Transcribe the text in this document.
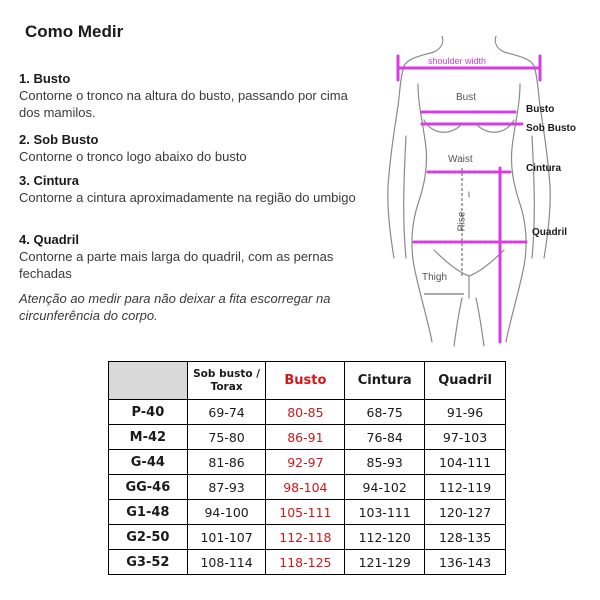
Como Medir
1. Busto
Contorne o tronco na altura do busto, passando por cima dos mamilos.
2. Sob Busto
Contorne o tronco logo abaixo do busto
3. Cintura
Contorne a cintura aproximadamente na região do umbigo
4. Quadril
Contorne a parte mais larga do quadril, com as pernas fechadas
Atenção ao medir para não deixar a fita escorregar na circunferência do corpo.
shoulder width
Bust
Waist
Rise
Thigh
Busto
Sob Busto
Cintura
Quadril
	Sob busto / Torax	Busto	Cintura	Quadril
P-40	69-74	80-85	68-75	91-96
M-42	75-80	86-91	76-84	97-103
G-44	81-86	92-97	85-93	104-111
GG-46	87-93	98-104	94-102	112-119
G1-48	94-100	105-111	103-111	120-127
G2-50	101-107	112-118	112-120	128-135
G3-52	108-114	118-125	121-129	136-143
